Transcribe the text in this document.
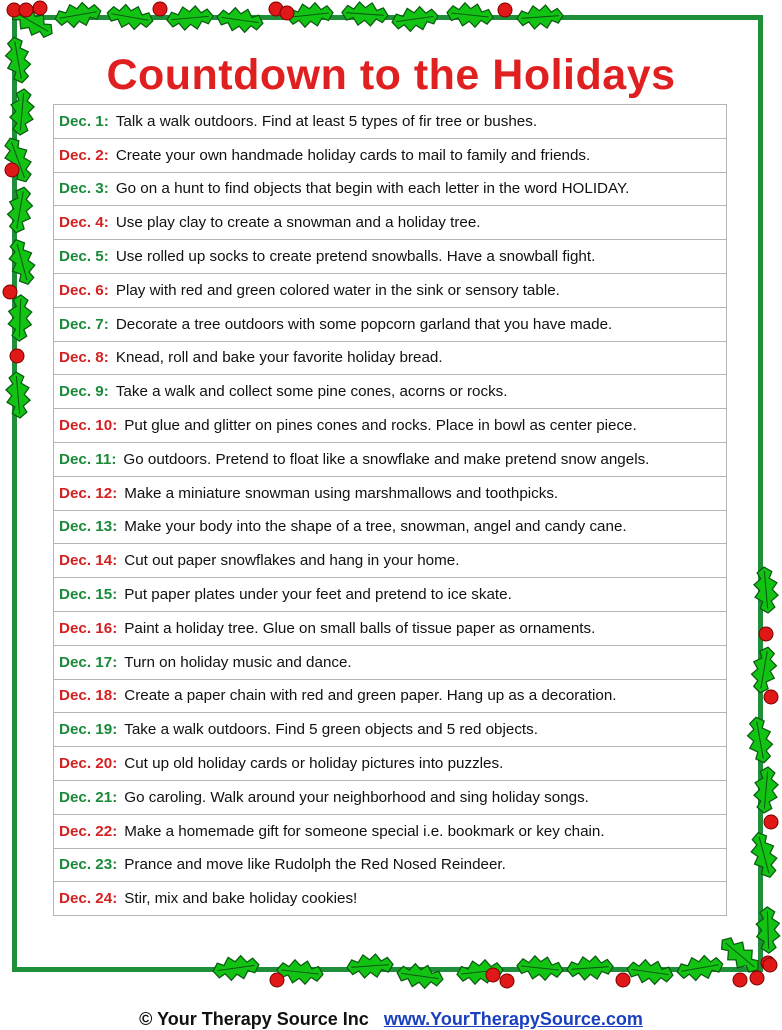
Countdown to the Holidays
Dec. 1: Talk a walk outdoors. Find at least 5 types of fir tree or bushes.
Dec. 2: Create your own handmade holiday cards to mail to family and friends.
Dec. 3: Go on a hunt to find objects that begin with each letter in the word HOLIDAY.
Dec. 4: Use play clay to create a snowman and a holiday tree.
Dec. 5: Use rolled up socks to create pretend snowballs. Have a snowball fight.
Dec. 6: Play with red and green colored water in the sink or sensory table.
Dec. 7: Decorate a tree outdoors with some popcorn garland that you have made.
Dec. 8: Knead, roll and bake your favorite holiday bread.
Dec. 9: Take a walk and collect some pine cones, acorns or rocks.
Dec. 10: Put glue and glitter on pines cones and rocks. Place in bowl as center piece.
Dec. 11: Go outdoors. Pretend to float like a snowflake and make pretend snow angels.
Dec. 12: Make a miniature snowman using marshmallows and toothpicks.
Dec. 13: Make your body into the shape of a tree, snowman, angel and candy cane.
Dec. 14: Cut out paper snowflakes and hang in your home.
Dec. 15: Put paper plates under your feet and pretend to ice skate.
Dec. 16: Paint a holiday tree. Glue on small balls of tissue paper as ornaments.
Dec. 17: Turn on holiday music and dance.
Dec. 18: Create a paper chain with red and green paper. Hang up as a decoration.
Dec. 19: Take a walk outdoors. Find 5 green objects and 5 red objects.
Dec. 20: Cut up old holiday cards or holiday pictures into puzzles.
Dec. 21: Go caroling. Walk around your neighborhood and sing holiday songs.
Dec. 22: Make a homemade gift for someone special i.e. bookmark or key chain.
Dec. 23: Prance and move like Rudolph the Red Nosed Reindeer.
Dec. 24: Stir, mix and bake holiday cookies!
© Your Therapy Source Inc www.YourTherapySource.com
